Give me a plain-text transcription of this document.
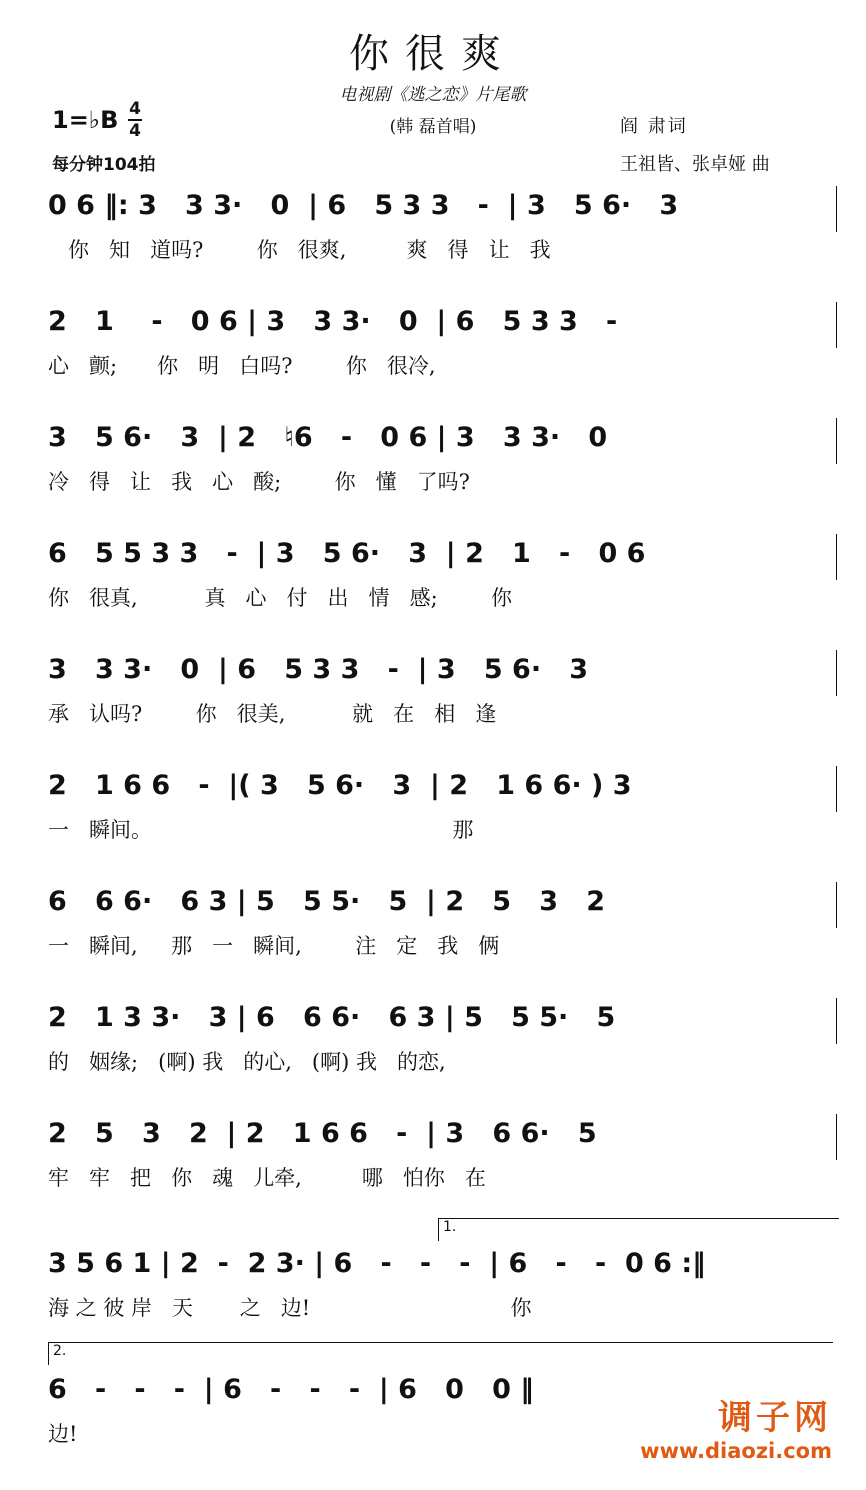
你很爽
电视剧《逃之恋》片尾歌
(韩 磊首唱)
1=♭B 4
4
每分钟104拍
阎 肃词
王祖皆、张卓娅 曲
0 6 ‖: 3   3 3·   0  | 6   5 3 3   -  | 3   5 6·   3
你   知   道吗?        你   很爽,         爽   得   让   我
2   1    -   0 6 | 3   3 3·   0  | 6   5 3 3   -
心   颤;      你   明   白吗?        你   很冷,
3   5 6·   3  | 2   ♮6   -   0 6 | 3   3 3·   0
冷   得   让   我   心   酸;        你   懂   了吗?
6   5 5 3 3   -  | 3   5 6·   3  | 2   1   -   0 6
你   很真,          真   心   付   出   情   感;        你
3   3 3·   0  | 6   5 3 3   -  | 3   5 6·   3
承   认吗?        你   很美,          就   在   相   逢
2   1 6 6   -  |( 3   5 6·   3  | 2   1 6 6· ) 3
一   瞬间。                                             那
6   6 6·   6 3 | 5   5 5·   5  | 2   5   3   2
一   瞬间,     那   一   瞬间,        注   定   我   俩
2   1 3 3·   3 | 6   6 6·   6 3 | 5   5 5·   5
的   姻缘;   (啊) 我   的心,   (啊) 我   的恋,
2   5   3   2  | 2   1 6 6   -  | 3   6 6·   5
牢   牢   把   你   魂   儿牵,         哪   怕你   在
1.
3 5 6 1 | 2  -  2 3· | 6   -   -   -  | 6   -   -  0 6 :‖
海 之 彼 岸   天       之   边!                              你
2.
6   -   -   -  | 6   -   -   -  | 6   0   0 ‖
边!	调子网
www.diaozi.com
